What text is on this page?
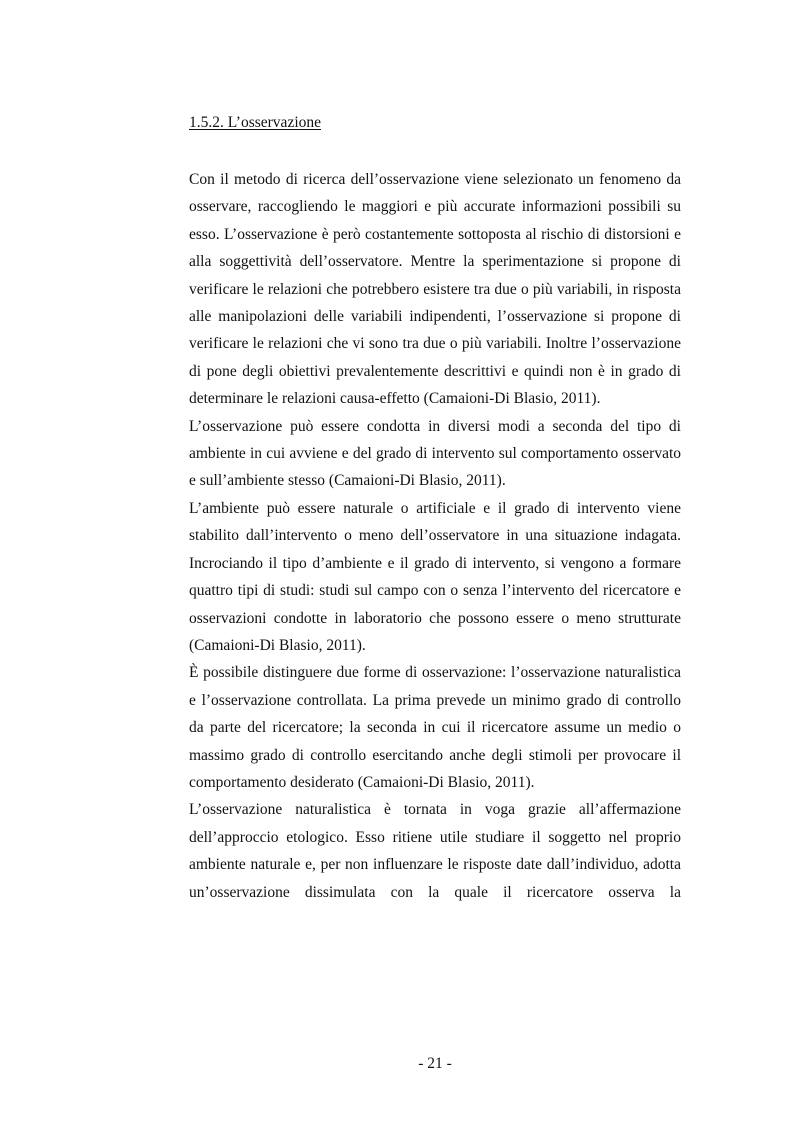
1.5.2. L’osservazione

Con il metodo di ricerca dell’osservazione viene selezionato un fenomeno da osservare, raccogliendo le maggiori e più accurate informazioni possibili su esso. L’osservazione è però costantemente sottoposta al rischio di distorsioni e alla soggettività dell’osservatore. Mentre la sperimentazione si propone di verificare le relazioni che potrebbero esistere tra due o più variabili, in risposta alle manipolazioni delle variabili indipendenti, l’osservazione si propone di verificare le relazioni che vi sono tra due o più variabili. Inoltre l’osservazione di pone degli obiettivi prevalentemente descrittivi e quindi non è in grado di determinare le relazioni causa-effetto (Camaioni-Di Blasio, 2011).

L’osservazione può essere condotta in diversi modi a seconda del tipo di ambiente in cui avviene e del grado di intervento sul comportamento osservato e sull’ambiente stesso (Camaioni-Di Blasio, 2011).

L’ambiente può essere naturale o artificiale e il grado di intervento viene stabilito dall’intervento o meno dell’osservatore in una situazione indagata. Incrociando il tipo d’ambiente e il grado di intervento, si vengono a formare quattro tipi di studi: studi sul campo con o senza l’intervento del ricercatore e osservazioni condotte in laboratorio che possono essere o meno strutturate (Camaioni-Di Blasio, 2011).

È possibile distinguere due forme di osservazione: l’osservazione naturalistica e l’osservazione controllata. La prima prevede un minimo grado di controllo da parte del ricercatore; la seconda in cui il ricercatore assume un medio o massimo grado di controllo esercitando anche degli stimoli per provocare il comportamento desiderato (Camaioni-Di Blasio, 2011).

L’osservazione naturalistica è tornata in voga grazie all’affermazione dell’approccio etologico. Esso ritiene utile studiare il soggetto nel proprio ambiente naturale e, per non influenzare le risposte date dall’individuo, adotta un’osservazione dissimulata con la quale il ricercatore osserva la

- 21 -
